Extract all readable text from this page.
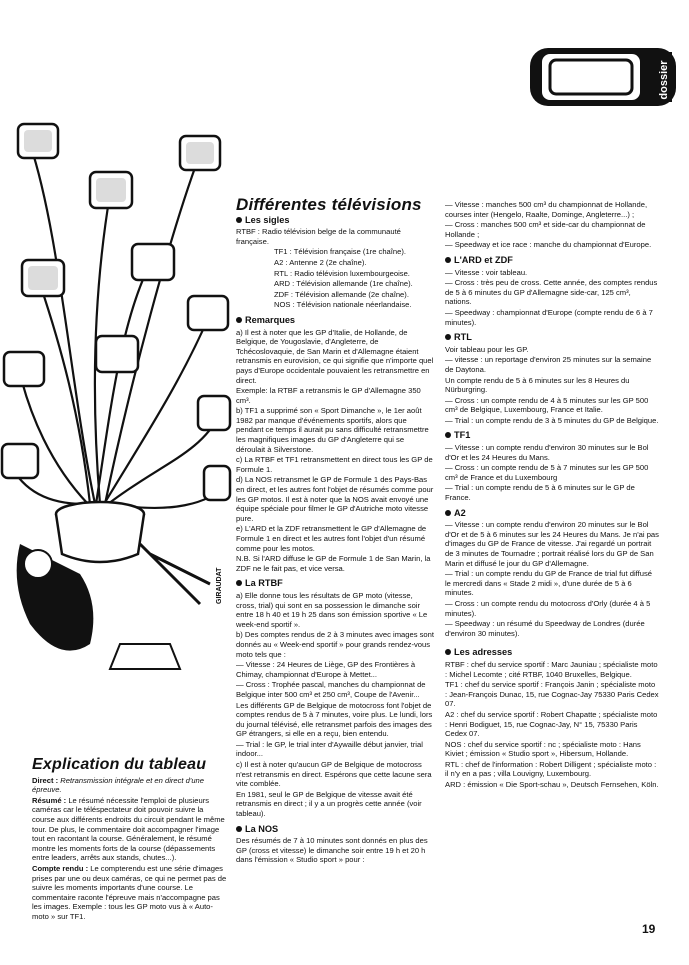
dossier
GIRAUDAT
Différentes télévisions
Les sigles

RTBF : Radio télévision belge de la communauté française.

TF1 : Télévision française (1re chaîne).

A2 : Antenne 2 (2e chaîne).

RTL : Radio télévision luxembourgeoise.

ARD : Télévision allemande (1re chaîne).

ZDF : Télévision allemande (2e chaîne).

NOS : Télévision nationale néerlandaise.

Remarques

a) Il est à noter que les GP d'Italie, de Hollande, de Belgique, de Yougoslavie, d'Angleterre, de Tchécoslovaquie, de San Marin et d'Allemagne étaient retransmis en eurovision, ce qui signifie que n'importe quel pays d'Europe occidentale pouvaient les retransmettre en direct.

Exemple: la RTBF a retransmis le GP d'Allemagne 350 cm³.

b) TF1 a supprimé son « Sport Dimanche », le 1er août 1982 par manque d'événements sportifs, alors que pendant ce temps il aurait pu sans difficulté retransmettre les magnifiques images du GP d'Angleterre qui se déroulait à Silverstone.

c) La RTBF et TF1 retransmettent en direct tous les GP de Formule 1.

d) La NOS retransmet le GP de Formule 1 des Pays-Bas en direct, et les autres font l'objet de résumés comme pour les GP motos. Il est à noter que la NOS avait envoyé une équipe spéciale pour filmer le GP d'Autriche moto vitesse pure.

e) L'ARD et la ZDF retransmettent le GP d'Allemagne de Formule 1 en direct et les autres font l'objet d'un résumé comme pour les motos.

N.B. Si l'ARD diffuse le GP de Formule 1 de San Marin, la ZDF ne le fait pas, et vice versa.

La RTBF

a) Elle donne tous les résultats de GP moto (vitesse, cross, trial) qui sont en sa possession le dimanche soir entre 18 h 40 et 19 h 25 dans son émission sportive « Le week-end sportif ».

b) Des comptes rendus de 2 à 3 minutes avec images sont donnés au « Week-end sportif » pour grands rendez-vous moto tels que :

— Vitesse : 24 Heures de Liège, GP des Frontières à Chimay, championnat d'Europe à Mettet...

— Cross : Trophée pascal, manches du championnat de Belgique inter 500 cm³ et 250 cm³, Coupe de l'Avenir...

Les différents GP de Belgique de motocross font l'objet de comptes rendus de 5 à 7 minutes, voire plus. Le lundi, lors du journal télévisé, elle retransmet parfois des images des GP étrangers, si elle en a reçu, bien entendu.

— Trial : le GP, le trial inter d'Aywaille début janvier, trial indoor...

c) Il est à noter qu'aucun GP de Belgique de motocross n'est retransmis en direct. Espérons que cette lacune sera vite comblée.

En 1981, seul le GP de Belgique de vitesse avait été retransmis en direct ; il y a un progrès cette année (voir tableau).

La NOS

Des résumés de 7 à 10 minutes sont donnés en plus des GP (cross et vitesse) le dimanche soir entre 19 h et 20 h dans l'émission « Studio sport » pour :

— Vitesse : manches 500 cm³ du championnat de Hollande, courses inter (Hengelo, Raalte, Dominge, Angleterre...) ;

— Cross : manches 500 cm³ et side-car du championnat de Hollande ;

— Speedway et ice race : manche du championnat d'Europe.

L'ARD et ZDF

— Vitesse : voir tableau.

— Cross : très peu de cross. Cette année, des comptes rendus de 5 à 6 minutes du GP d'Allemagne side-car, 125 cm³, nations.

— Speedway : championnat d'Europe (compte rendu de 6 à 7 minutes).

RTL

Voir tableau pour les GP.

— vitesse : un reportage d'environ 25 minutes sur la semaine de Daytona.

Un compte rendu de 5 à 6 minutes sur les 8 Heures du Nürburgring.

— Cross : un compte rendu de 4 à 5 minutes sur les GP 500 cm³ de Belgique, Luxembourg, France et Italie.

— Trial : un compte rendu de 3 à 5 minutes du GP de Belgique.

TF1

— Vitesse : un compte rendu d'environ 30 minutes sur le Bol d'Or et les 24 Heures du Mans.

— Cross : un compte rendu de 5 à 7 minutes sur les GP 500 cm³ de France et du Luxembourg

— Trial : un compte rendu de 5 à 6 minutes sur le GP de France.

A2

— Vitesse : un compte rendu d'environ 20 minutes sur le Bol d'Or et de 5 à 6 minutes sur les 24 Heures du Mans. Je n'ai pas d'images du GP de France de vitesse. J'ai regardé un portrait de 3 minutes de Tournadre ; portrait réalisé lors du GP de San Marin et diffusé le jour du GP d'Allemagne.

— Trial : un compte rendu du GP de France de trial fut diffusé le mercredi dans « Stade 2 midi », d'une durée de 5 à 6 minutes.

— Cross : un compte rendu du motocross d'Orly (durée 4 à 5 minutes).

— Speedway : un résumé du Speedway de Londres (durée d'environ 30 minutes).

Les adresses

RTBF : chef du service sportif : Marc Jauniau ; spécialiste moto : Michel Lecomte ; cité RTBF, 1040 Bruxelles, Belgique.

TF1 : chef du service sportif : François Janin ; spécialiste moto : Jean-François Dunac, 15, rue Cognac-Jay 75330 Paris Cedex 07.

A2 : chef du service sportif : Robert Chapatte ; spécialiste moto : Henri Bodiguet, 15, rue Cognac-Jay, N° 15, 75330 Paris Cedex 07.

NOS : chef du service sportif : nc ; spécialiste moto : Hans Kiviet ; émission « Studio sport », Hibersum, Hollande.

RTL : chef de l'information : Robert Dilligent ; spécialiste moto : il n'y en a pas ; villa Louvigny, Luxembourg.

ARD : émission « Die Sport-schau », Deutsch Fernsehen, Köln.

Explication du tableau

Direct : Retransmission intégrale et en direct d'une épreuve.

Résumé : Le résumé nécessite l'emploi de plusieurs caméras car le téléspectateur doit pouvoir suivre la course aux différents endroits du circuit pendant le même tour. De plus, le commentaire doit accompagner l'image tout en racontant la course. Généralement, le résumé montre les moments forts de la course (dépassements entre leaders, arrêts aux stands, chutes...).

Compte rendu : Le compterendu est une série d'images prises par une ou deux caméras, ce qui ne permet pas de suivre les moments importants d'une course. Le commentaire raconte l'épreuve mais n'accompagne pas les images. Exemple : tous les GP moto vus à « Auto-moto » sur TF1.

19
